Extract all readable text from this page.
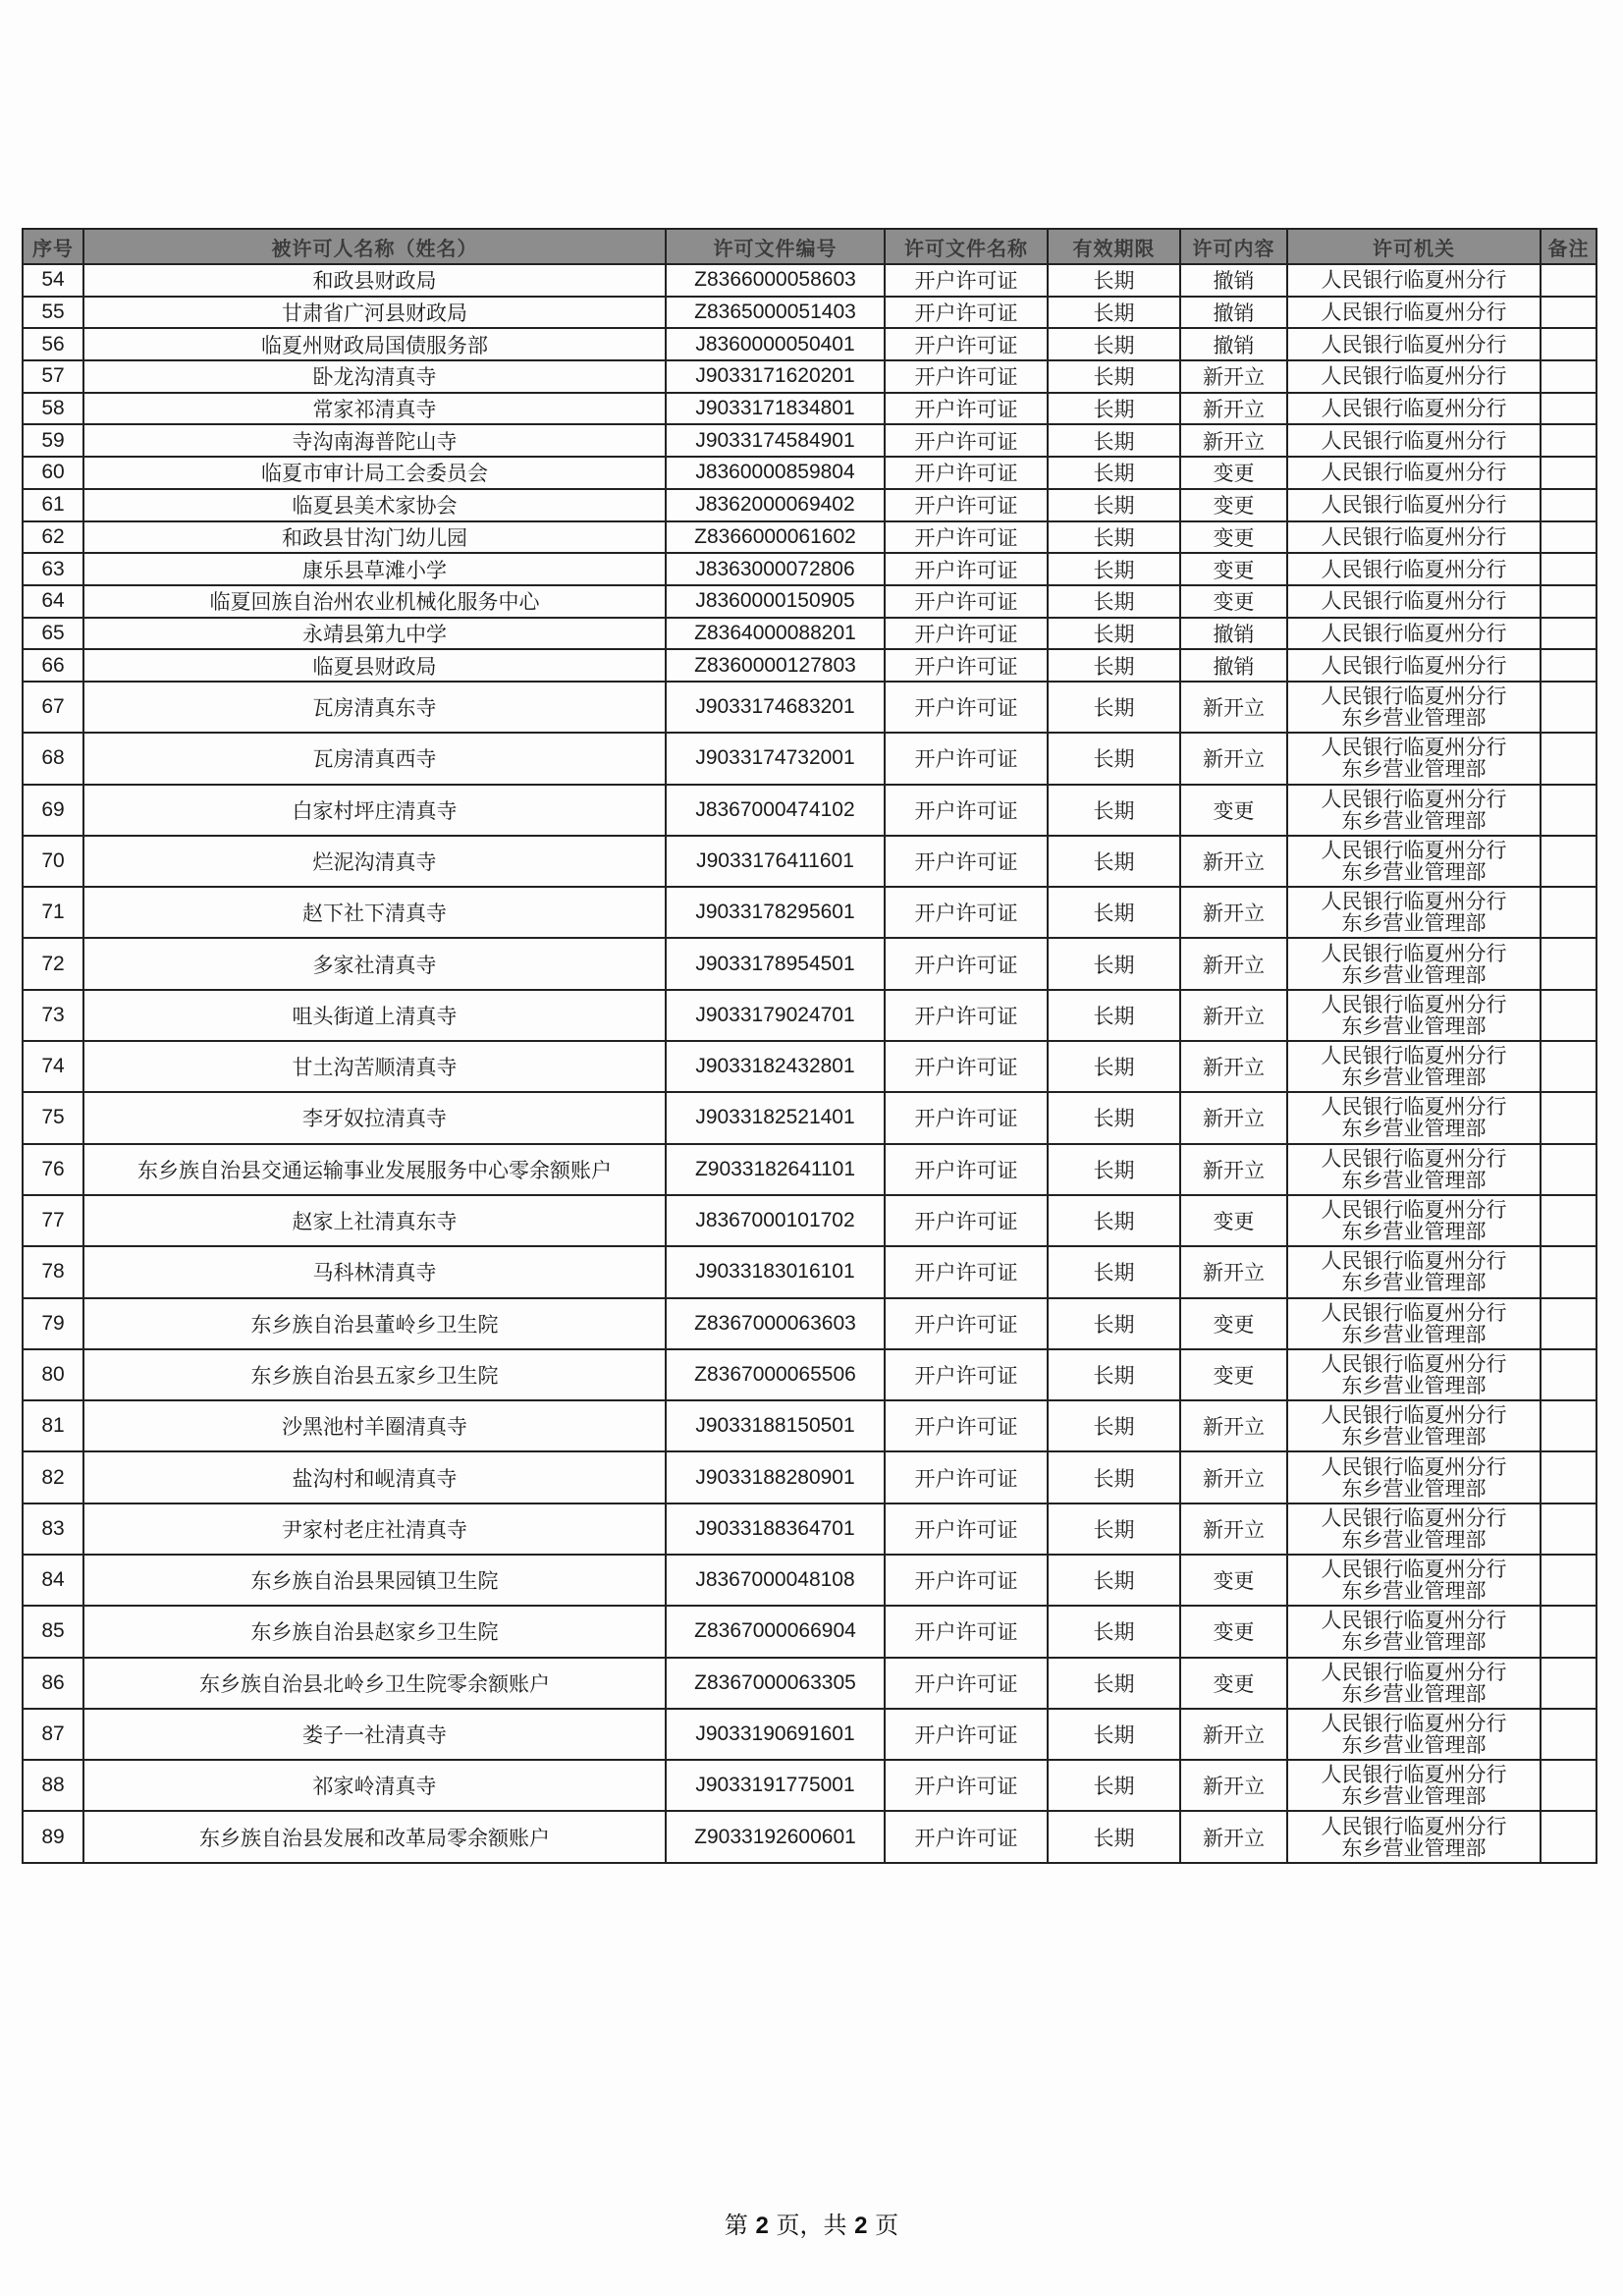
序号	被许可人名称（姓名）	许可文件编号	许可文件名称	有效期限	许可内容	许可机关	备注
54	和政县财政局	Z8366000058603	开户许可证	长期	撤销	人民银行临夏州分行	

55	甘肃省广河县财政局	Z8365000051403	开户许可证	长期	撤销	人民银行临夏州分行	

56	临夏州财政局国债服务部	J8360000050401	开户许可证	长期	撤销	人民银行临夏州分行	

57	卧龙沟清真寺	J9033171620201	开户许可证	长期	新开立	人民银行临夏州分行	

58	常家祁清真寺	J9033171834801	开户许可证	长期	新开立	人民银行临夏州分行	

59	寺沟南海普陀山寺	J9033174584901	开户许可证	长期	新开立	人民银行临夏州分行	

60	临夏市审计局工会委员会	J8360000859804	开户许可证	长期	变更	人民银行临夏州分行	

61	临夏县美术家协会	J8362000069402	开户许可证	长期	变更	人民银行临夏州分行	

62	和政县甘沟门幼儿园	Z8366000061602	开户许可证	长期	变更	人民银行临夏州分行	

63	康乐县草滩小学	J8363000072806	开户许可证	长期	变更	人民银行临夏州分行	

64	临夏回族自治州农业机械化服务中心	J8360000150905	开户许可证	长期	变更	人民银行临夏州分行	

65	永靖县第九中学	Z8364000088201	开户许可证	长期	撤销	人民银行临夏州分行	

66	临夏县财政局	Z8360000127803	开户许可证	长期	撤销	人民银行临夏州分行	

67	瓦房清真东寺	J9033174683201	开户许可证	长期	新开立	人民银行临夏州分行
东乡营业管理部	

68	瓦房清真西寺	J9033174732001	开户许可证	长期	新开立	人民银行临夏州分行
东乡营业管理部	

69	白家村坪庄清真寺	J8367000474102	开户许可证	长期	变更	人民银行临夏州分行
东乡营业管理部	

70	烂泥沟清真寺	J9033176411601	开户许可证	长期	新开立	人民银行临夏州分行
东乡营业管理部	

71	赵下社下清真寺	J9033178295601	开户许可证	长期	新开立	人民银行临夏州分行
东乡营业管理部	

72	多家社清真寺	J9033178954501	开户许可证	长期	新开立	人民银行临夏州分行
东乡营业管理部	

73	咀头街道上清真寺	J9033179024701	开户许可证	长期	新开立	人民银行临夏州分行
东乡营业管理部	

74	甘土沟苦顺清真寺	J9033182432801	开户许可证	长期	新开立	人民银行临夏州分行
东乡营业管理部	

75	李牙奴拉清真寺	J9033182521401	开户许可证	长期	新开立	人民银行临夏州分行
东乡营业管理部	

76	东乡族自治县交通运输事业发展服务中心零余额账户	Z9033182641101	开户许可证	长期	新开立	人民银行临夏州分行
东乡营业管理部	

77	赵家上社清真东寺	J8367000101702	开户许可证	长期	变更	人民银行临夏州分行
东乡营业管理部	

78	马科林清真寺	J9033183016101	开户许可证	长期	新开立	人民银行临夏州分行
东乡营业管理部	

79	东乡族自治县董岭乡卫生院	Z8367000063603	开户许可证	长期	变更	人民银行临夏州分行
东乡营业管理部	

80	东乡族自治县五家乡卫生院	Z8367000065506	开户许可证	长期	变更	人民银行临夏州分行
东乡营业管理部	

81	沙黑池村羊圈清真寺	J9033188150501	开户许可证	长期	新开立	人民银行临夏州分行
东乡营业管理部	

82	盐沟村和岘清真寺	J9033188280901	开户许可证	长期	新开立	人民银行临夏州分行
东乡营业管理部	

83	尹家村老庄社清真寺	J9033188364701	开户许可证	长期	新开立	人民银行临夏州分行
东乡营业管理部	

84	东乡族自治县果园镇卫生院	J8367000048108	开户许可证	长期	变更	人民银行临夏州分行
东乡营业管理部	

85	东乡族自治县赵家乡卫生院	Z8367000066904	开户许可证	长期	变更	人民银行临夏州分行
东乡营业管理部	

86	东乡族自治县北岭乡卫生院零余额账户	Z8367000063305	开户许可证	长期	变更	人民银行临夏州分行
东乡营业管理部	

87	娄子一社清真寺	J9033190691601	开户许可证	长期	新开立	人民银行临夏州分行
东乡营业管理部	

88	祁家岭清真寺	J9033191775001	开户许可证	长期	新开立	人民银行临夏州分行
东乡营业管理部	

89	东乡族自治县发展和改革局零余额账户	Z9033192600601	开户许可证	长期	新开立	人民银行临夏州分行
东乡营业管理部	

第 2 页，共 2 页
